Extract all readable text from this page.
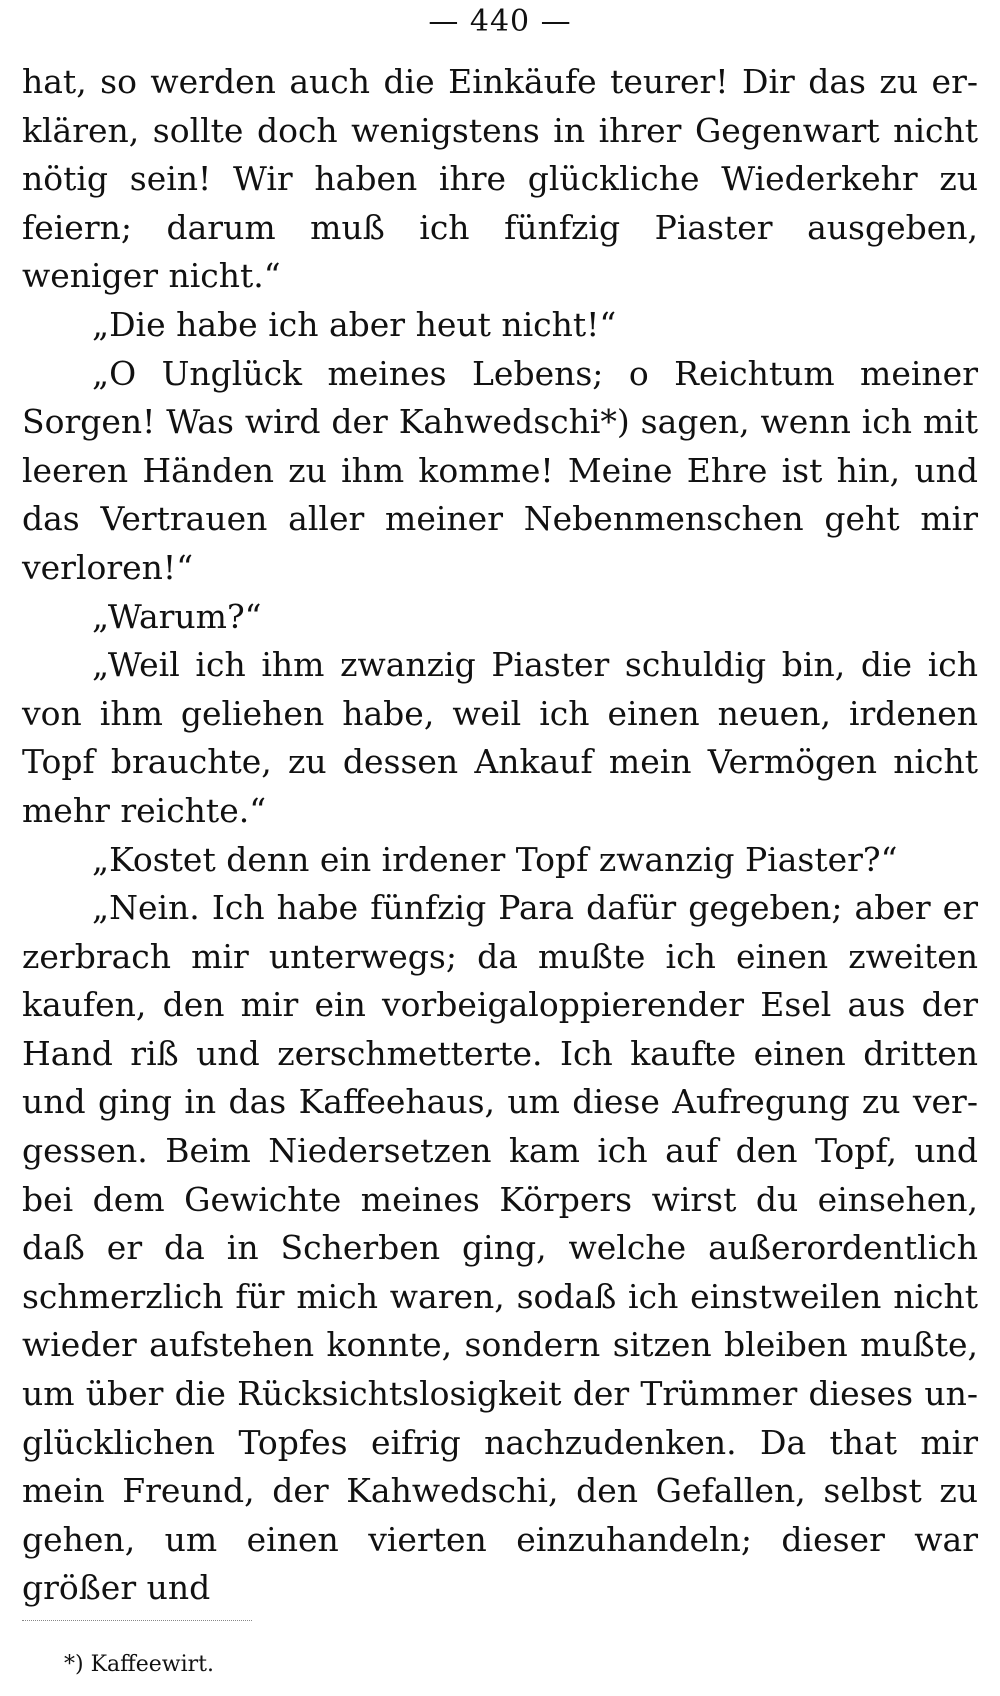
— 440 —

hat, so werden auch die Einkäufe teurer! Dir das zu erklären, sollte doch wenigstens in ihrer Gegenwart nicht nötig sein! Wir haben ihre glückliche Wiederkehr zu feiern; darum muß ich fünfzig Piaster ausgeben, weniger nicht.“

„Die habe ich aber heut nicht!“

„O Unglück meines Lebens; o Reichtum meiner Sorgen! Was wird der Kahwedschi*) sagen, wenn ich mit leeren Händen zu ihm komme! Meine Ehre ist hin, und das Vertrauen aller meiner Nebenmenschen geht mir verloren!“

„Warum?“

„Weil ich ihm zwanzig Piaster schuldig bin, die ich von ihm geliehen habe, weil ich einen neuen, irdenen Topf brauchte, zu dessen Ankauf mein Vermögen nicht mehr reichte.“

„Kostet denn ein irdener Topf zwanzig Piaster?“

„Nein. Ich habe fünfzig Para dafür gegeben; aber er zerbrach mir unterwegs; da mußte ich einen zweiten kaufen, den mir ein vorbeigaloppierender Esel aus der Hand riß und zerschmetterte. Ich kaufte einen dritten und ging in das Kaffeehaus, um diese Aufregung zu vergessen. Beim Niedersetzen kam ich auf den Topf, und bei dem Gewichte meines Körpers wirst du einsehen, daß er da in Scherben ging, welche außerordentlich schmerzlich für mich waren, sodaß ich einstweilen nicht wieder aufstehen konnte, sondern sitzen bleiben mußte, um über die Rücksichtslosigkeit der Trümmer dieses unglücklichen Topfes eifrig nachzudenken. Da that mir mein Freund, der Kahwedschi, den Gefallen, selbst zu gehen, um einen vierten einzuhandeln; dieser war größer und

*) Kaffeewirt.
